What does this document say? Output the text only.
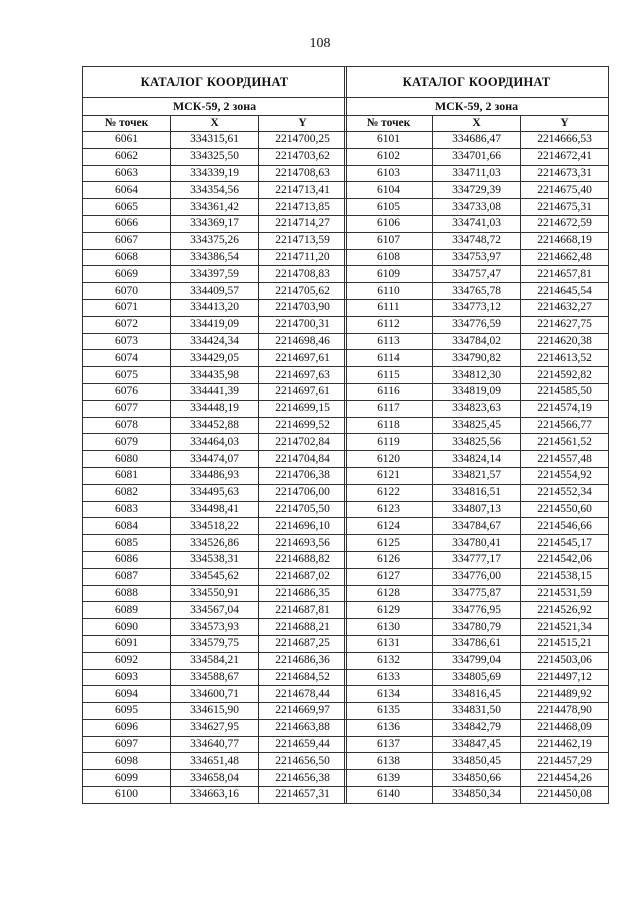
108
КАТАЛОГ КООРДИНАТ		
МСК-59, 2 зона		
№ точек	X	Y
6061	334315,61	2214700,25
6062	334325,50	2214703,62
6063	334339,19	2214708,63
6064	334354,56	2214713,41
6065	334361,42	2214713,85
6066	334369,17	2214714,27
6067	334375,26	2214713,59
6068	334386,54	2214711,20
6069	334397,59	2214708,83
6070	334409,57	2214705,62
6071	334413,20	2214703,90
6072	334419,09	2214700,31
6073	334424,34	2214698,46
6074	334429,05	2214697,61
6075	334435,98	2214697,63
6076	334441,39	2214697,61
6077	334448,19	2214699,15
6078	334452,88	2214699,52
6079	334464,03	2214702,84
6080	334474,07	2214704,84
6081	334486,93	2214706,38
6082	334495,63	2214706,00
6083	334498,41	2214705,50
6084	334518,22	2214696,10
6085	334526,86	2214693,56
6086	334538,31	2214688,82
6087	334545,62	2214687,02
6088	334550,91	2214686,35
6089	334567,04	2214687,81
6090	334573,93	2214688,21
6091	334579,75	2214687,25
6092	334584,21	2214686,36
6093	334588,67	2214684,52
6094	334600,71	2214678,44
6095	334615,90	2214669,97
6096	334627,95	2214663,88
6097	334640,77	2214659,44
6098	334651,48	2214656,50
6099	334658,04	2214656,38
6100	334663,16	2214657,31
КАТАЛОГ КООРДИНАТ		
МСК-59, 2 зона		
№ точек	X	Y
6101	334686,47	2214666,53
6102	334701,66	2214672,41
6103	334711,03	2214673,31
6104	334729,39	2214675,40
6105	334733,08	2214675,31
6106	334741,03	2214672,59
6107	334748,72	2214668,19
6108	334753,97	2214662,48
6109	334757,47	2214657,81
6110	334765,78	2214645,54
6111	334773,12	2214632,27
6112	334776,59	2214627,75
6113	334784,02	2214620,38
6114	334790,82	2214613,52
6115	334812,30	2214592,82
6116	334819,09	2214585,50
6117	334823,63	2214574,19
6118	334825,45	2214566,77
6119	334825,56	2214561,52
6120	334824,14	2214557,48
6121	334821,57	2214554,92
6122	334816,51	2214552,34
6123	334807,13	2214550,60
6124	334784,67	2214546,66
6125	334780,41	2214545,17
6126	334777,17	2214542,06
6127	334776,00	2214538,15
6128	334775,87	2214531,59
6129	334776,95	2214526,92
6130	334780,79	2214521,34
6131	334786,61	2214515,21
6132	334799,04	2214503,06
6133	334805,69	2214497,12
6134	334816,45	2214489,92
6135	334831,50	2214478,90
6136	334842,79	2214468,09
6137	334847,45	2214462,19
6138	334850,45	2214457,29
6139	334850,66	2214454,26
6140	334850,34	2214450,08
